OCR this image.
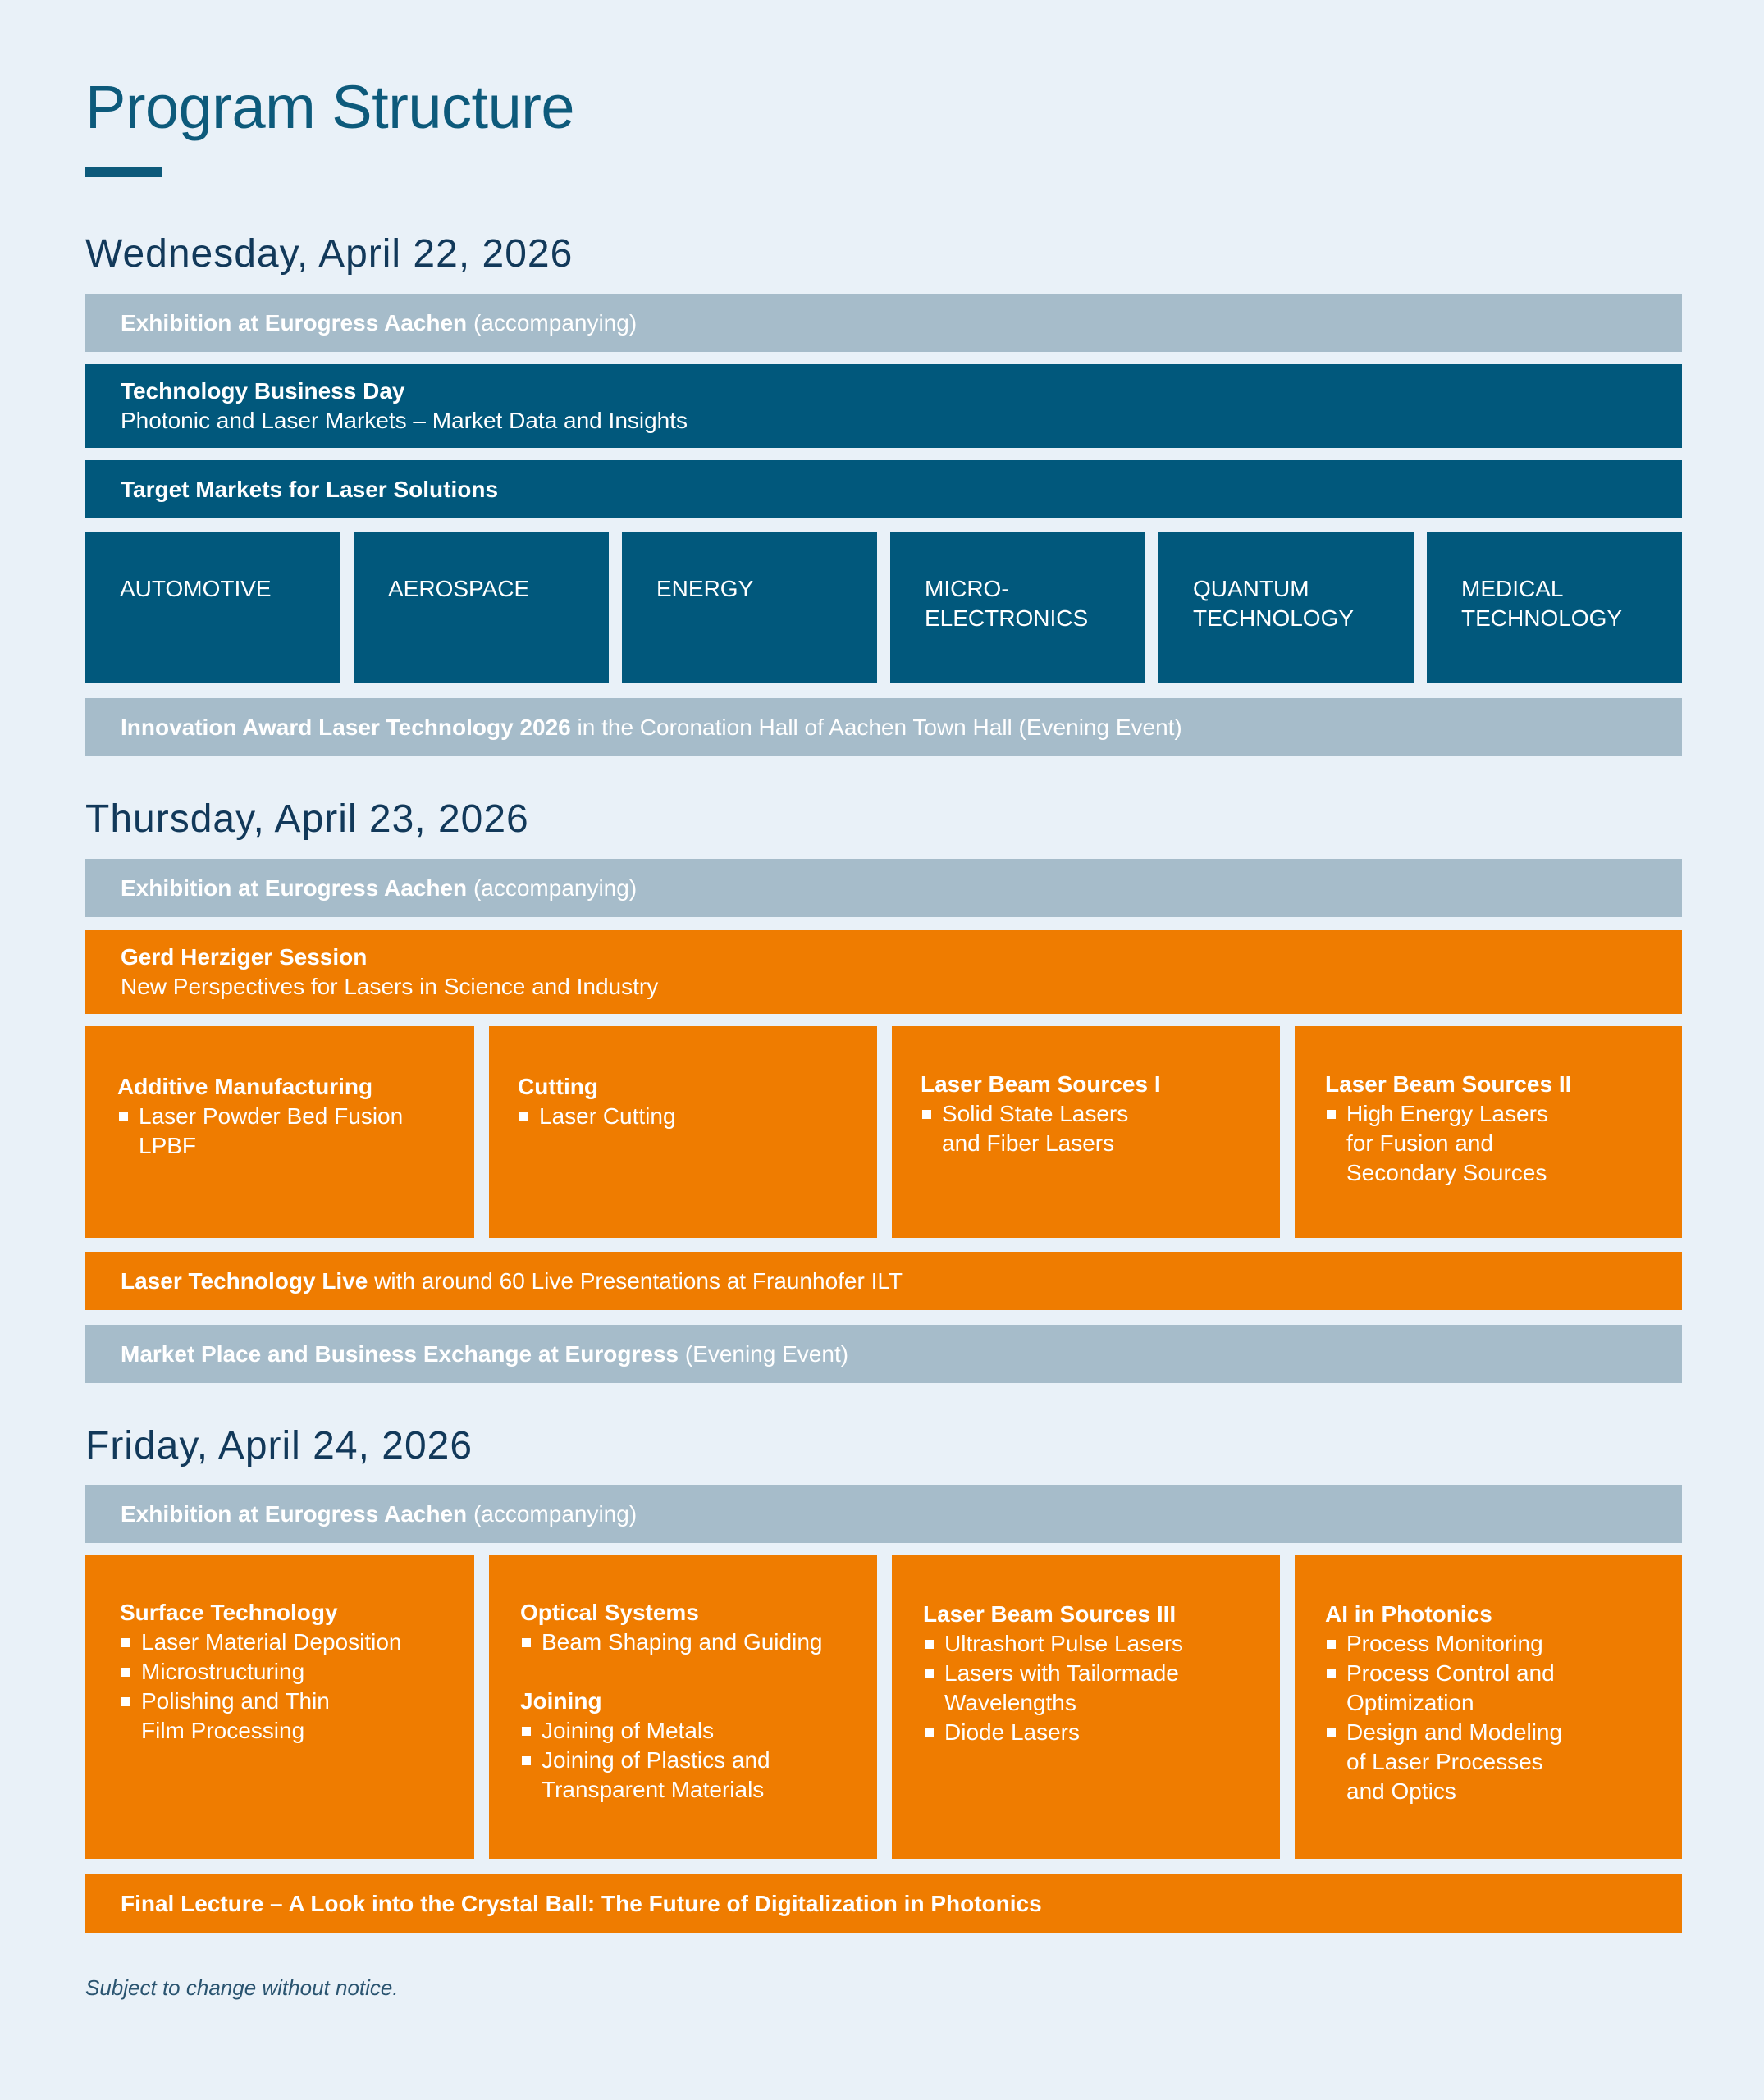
Program Structure
Wednesday, April 22, 2026
Exhibition at Eurogress Aachen (accompanying)
Technology Business Day
Photonic and Laser Markets – Market Data and Insights
Target Markets for Laser Solutions
AUTOMOTIVE	AEROSPACE	ENERGY	MICRO-
ELECTRONICS
QUANTUM
TECHNOLOGY
MEDICAL
TECHNOLOGY
Innovation Award Laser Technology 2026 in the Coronation Hall of Aachen Town Hall (Evening Event)
Thursday, April 23, 2026
Exhibition at Eurogress Aachen (accompanying)
Gerd Herziger Session
New Perspectives for Lasers in Science and Industry
Additive Manufacturing
Laser Powder Bed Fusion
LPBF
Cutting
Laser Cutting
Laser Beam Sources I
Solid State Lasers
and Fiber Lasers
Laser Beam Sources II
High Energy Lasers
for Fusion and
Secondary Sources
Laser Technology Live with around 60 Live Presentations at Fraunhofer ILT
Market Place and Business Exchange at Eurogress (Evening Event)
Friday, April 24, 2026
Exhibition at Eurogress Aachen (accompanying)
Surface Technology
Laser Material Deposition
Microstructuring
Polishing and Thin
Film Processing
Optical Systems
Beam Shaping and Guiding
Joining
Joining of Metals
Joining of Plastics and
Transparent Materials
Laser Beam Sources III
Ultrashort Pulse Lasers
Lasers with Tailormade
Wavelengths
Diode Lasers
AI in Photonics
Process Monitoring
Process Control and
Optimization
Design and Modeling
of Laser Processes
and Optics
Final Lecture – A Look into the Crystal Ball: The Future of Digitalization in Photonics
Subject to change without notice.
